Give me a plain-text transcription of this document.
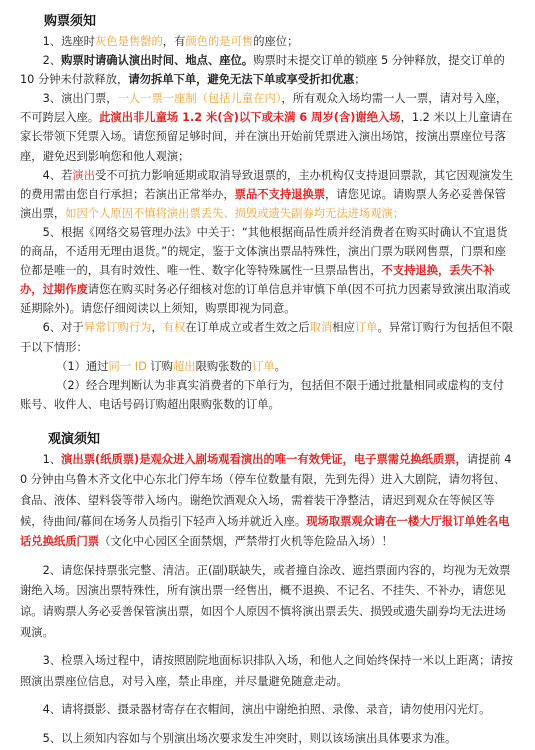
购票须知

1、选座时灰色是售罄的，有颜色的是可售的座位；

2、购票时请确认演出时间、地点、座位。购票时未提交订单的锁座 5 分钟释放，提交订单的 10 分钟未付款释放，请勿拆单下单，避免无法下单或享受折扣优惠；

3、演出门票，一人一票一座制（包括儿童在内），所有观众入场均需一人一票，请对号入座，不可跨层入座。此演出非儿童场 1.2 米(含)以下或未满 6 周岁(含)谢绝入场，1.2 米以上儿童请在家长带领下凭票入场。请您预留足够时间，并在演出开始前凭票进入演出场馆，按演出票座位号落座，避免迟到影响您和他人观演；

4、若演出受不可抗力影响延期或取消导致退票的，主办机构仅支持退回票款，其它因观演发生的费用需由您自行承担；若演出正常举办，票品不支持退换票，请您见谅。请购票人务必妥善保管演出票，如因个人原因不慎将演出票丢失、损毁或遗失副券均无法进场观演；

5、根据《网络交易管理办法》中关于：“其他根据商品性质并经消费者在购买时确认不宜退货的商品，不适用无理由退货。”的规定，鉴于文体演出票品特殊性，演出门票为联网售票，门票和座位都是唯一的，具有时效性、唯一性、数字化等特殊属性一旦票品售出，不支持退换，丢失不补办，过期作废请您在购买时务必仔细核对您的订单信息并审慎下单(因不可抗力因素导致演出取消或延期除外)。请您仔细阅读以上须知，购票即视为同意。

6、对于异常订购行为，有权在订单成立或者生效之后取消相应订单。异常订购行为包括但不限于以下情形：

（1）通过同一 ID 订购超出限购张数的订单。

（2）经合理判断认为非真实消费者的下单行为，包括但不限于通过批量相同或虚构的支付账号、收件人、电话号码订购超出限购张数的订单。

观演须知

1、演出票(纸质票)是观众进入剧场观看演出的唯一有效凭证，电子票需兑换纸质票，请提前 40 分钟由乌鲁木齐文化中心东北门停车场（停车位数量有限，先到先得）进入大剧院，请勿将包、食品、液体、望料袋等带入场内。谢绝饮酒观众入场，需着装干净整洁，请迟到观众在等候区等候，待曲间/幕间在场务人员指引下轻声入场并就近入座。现场取票观众请在一楼大厅报订单姓名电话兑换纸质门票（文化中心园区全面禁烟，严禁带打火机等危险品入场）！

2、请您保持票张完整、清洁。正(副)联缺失，或者撞自涂改、遮挡票面内容的，均视为无效票谢绝入场。因演出票特殊性，所有演出票一经售出，概不退换、不记名、不挂失、不补办，请您见谅。请购票人务必妥善保管演出票，如因个人原因不慎将演出票丢失、损毁或遗失副券均无法进场观演。

3、检票入场过程中，请按照剧院地面标识排队入场，和他人之间始终保持一米以上距离；请按照演出票座位信息，对号入座，禁止串座，并尽量避免随意走动。

4、请将摄影、摄录器材寄存在衣帽间，演出中谢绝拍照、录像、录音，请勿使用闪光灯。

5、以上须知内容如与个别演出场次要求发生冲突时，则以该场演出具体要求为准。
